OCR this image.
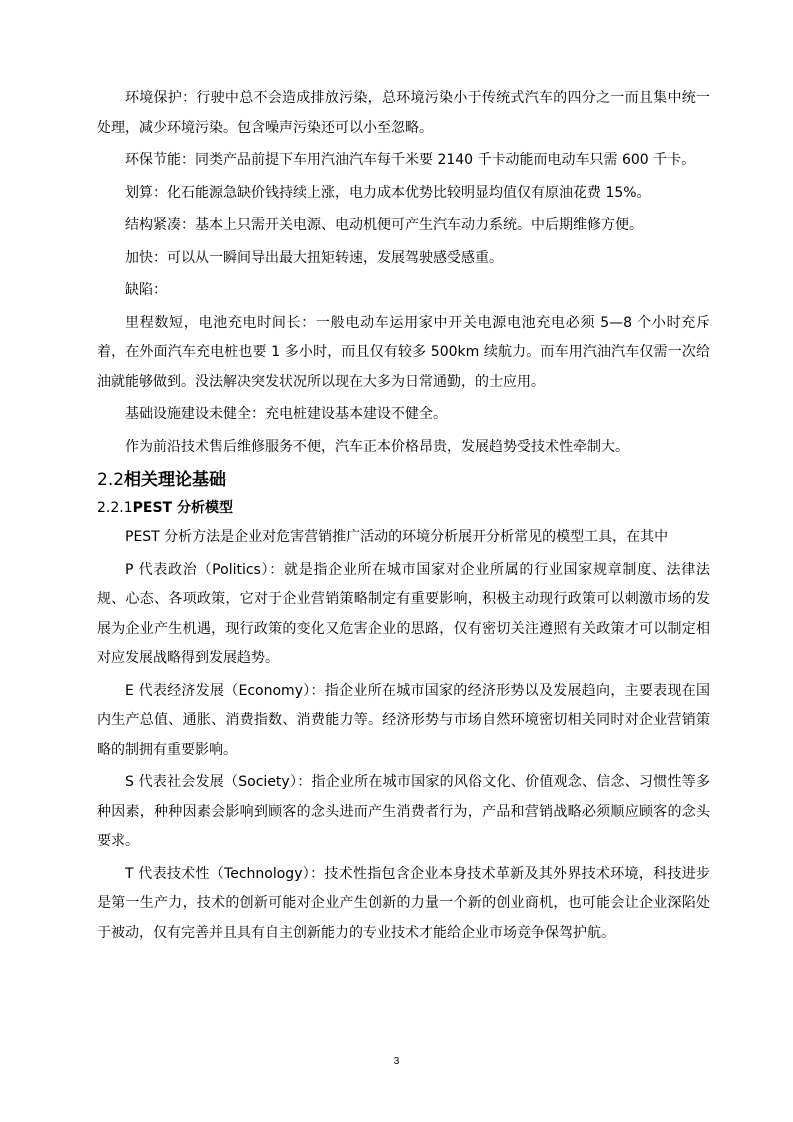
环境保护：行驶中总不会造成排放污染，总环境污染小于传统式汽车的四分之一而且集中统一处理，减少环境污染。包含噪声污染还可以小至忽略。

环保节能：同类产品前提下车用汽油汽车每千米要 2140 千卡动能而电动车只需 600 千卡。

划算：化石能源急缺价钱持续上涨，电力成本优势比较明显均值仅有原油花费 15%。

结构紧凑：基本上只需开关电源、电动机便可产生汽车动力系统。中后期维修方便。

加快：可以从一瞬间导出最大扭矩转速，发展驾驶感受感重。

缺陷：

里程数短，电池充电时间长：一般电动车运用家中开关电源电池充电必须 5—8 个小时充斥着，在外面汽车充电桩也要 1 多小时，而且仅有较多 500km 续航力。而车用汽油汽车仅需一次给油就能够做到。没法解决突发状况所以现在大多为日常通勤，的士应用。

基础设施建设未健全：充电桩建设基本建设不健全。

作为前沿技术售后维修服务不便，汽车正本价格昂贵，发展趋势受技术性牵制大。

2.2相关理论基础
2.2.1PEST 分析模型

PEST 分析方法是企业对危害营销推广活动的环境分析展开分析常见的模型工具，在其中

P 代表政治（Politics）：就是指企业所在城市国家对企业所属的行业国家规章制度、法律法规、心态、各项政策，它对于企业营销策略制定有重要影响，积极主动现行政策可以刺激市场的发展为企业产生机遇，现行政策的变化又危害企业的思路，仅有密切关注遵照有关政策才可以制定相对应发展战略得到发展趋势。

E 代表经济发展（Economy）：指企业所在城市国家的经济形势以及发展趋向，主要表现在国内生产总值、通胀、消费指数、消费能力等。经济形势与市场自然环境密切相关同时对企业营销策略的制拥有重要影响。

S 代表社会发展（Society）：指企业所在城市国家的风俗文化、价值观念、信念、习惯性等多种因素，种种因素会影响到顾客的念头进而产生消费者行为，产品和营销战略必须顺应顾客的念头要求。

T 代表技术性（Technology）：技术性指包含企业本身技术革新及其外界技术环境，科技进步是第一生产力，技术的创新可能对企业产生创新的力量一个新的创业商机，也可能会让企业深陷处于被动，仅有完善并且具有自主创新能力的专业技术才能给企业市场竞争保驾护航。

3
